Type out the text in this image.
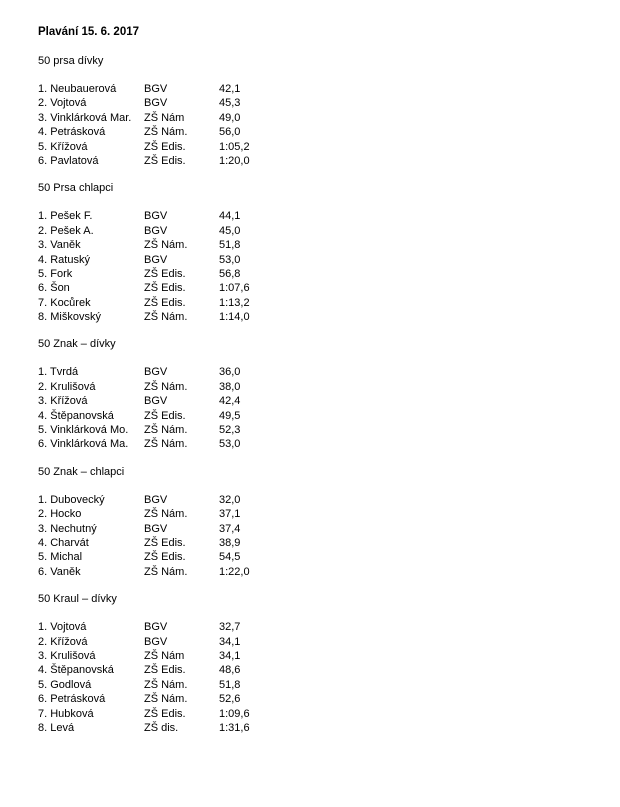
Plavání 15. 6. 2017
50 prsa dívky
1. Neubauerová	BGV	42,1
2. Vojtová	BGV	45,3
3. Vinklárková Mar.	ZŠ Nám	49,0
4. Petrásková	ZŠ Nám.	56,0
5. Křížová	ZŠ Edis.	1:05,2
6. Pavlatová	ZŠ Edis.	1:20,0
50 Prsa chlapci
1. Pešek F.	BGV	44,1
2. Pešek A.	BGV	45,0
3. Vaněk	ZŠ Nám.	51,8
4. Ratuský	BGV	53,0
5. Fork	ZŠ Edis.	56,8
6. Šon	ZŠ Edis.	1:07,6
7. Kocůrek	ZŠ Edis.	1:13,2
8. Miškovský	ZŠ Nám.	1:14,0
50 Znak – dívky
1. Tvrdá	BGV	36,0
2. Krulišová	ZŠ Nám.	38,0
3. Křížová	BGV	42,4
4. Štěpanovská	ZŠ Edis.	49,5
5. Vinklárková Mo.	ZŠ Nám.	52,3
6. Vinklárková Ma.	ZŠ Nám.	53,0
50 Znak – chlapci
1. Dubovecký	BGV	32,0
2. Hocko	ZŠ Nám.	37,1
3. Nechutný	BGV	37,4
4. Charvát	ZŠ Edis.	38,9
5. Michal	ZŠ Edis.	54,5
6. Vaněk	ZŠ Nám.	1:22,0
50 Kraul – dívky
1. Vojtová	BGV	32,7
2. Křížová	BGV	34,1
3. Krulišová	ZŠ Nám	34,1
4. Štěpanovská	ZŠ Edis.	48,6
5. Godlová	ZŠ Nám.	51,8
6. Petrásková	ZŠ Nám.	52,6
7. Hubková	ZŠ Edis.	1:09,6
8. Levá	ZŠ dis.	1:31,6
